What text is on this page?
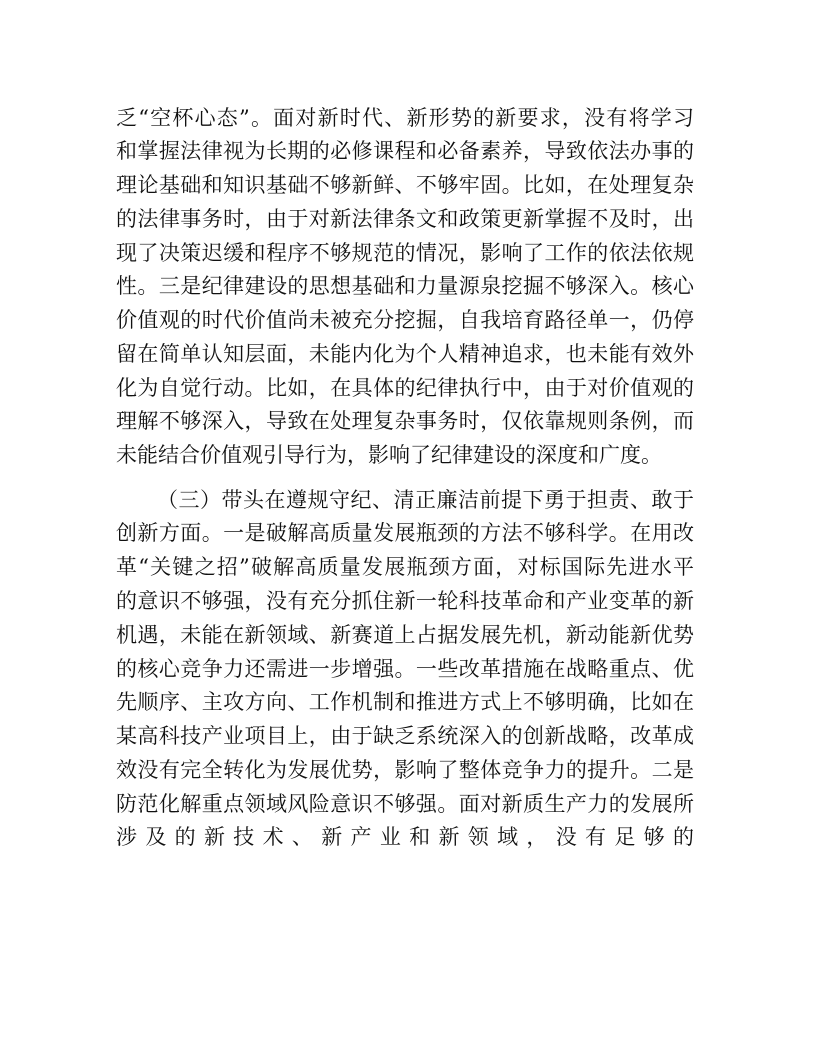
乏“空杯心态”。面对新时代、新形势的新要求，没有将学习
和掌握法律视为长期的必修课程和必备素养，导致依法办事的
理论基础和知识基础不够新鲜、不够牢固。比如，在处理复杂
的法律事务时，由于对新法律条文和政策更新掌握不及时，出
现了决策迟缓和程序不够规范的情况，影响了工作的依法依规
性。三是纪律建设的思想基础和力量源泉挖掘不够深入。核心
价值观的时代价值尚未被充分挖掘，自我培育路径单一，仍停
留在简单认知层面，未能内化为个人精神追求，也未能有效外
化为自觉行动。比如，在具体的纪律执行中，由于对价值观的
理解不够深入，导致在处理复杂事务时，仅依靠规则条例，而
未能结合价值观引导行为，影响了纪律建设的深度和广度。
（三）带头在遵规守纪、清正廉洁前提下勇于担责、敢于
创新方面。一是破解高质量发展瓶颈的方法不够科学。在用改
革“关键之招”破解高质量发展瓶颈方面，对标国际先进水平
的意识不够强，没有充分抓住新一轮科技革命和产业变革的新
机遇，未能在新领域、新赛道上占据发展先机，新动能新优势
的核心竞争力还需进一步增强。一些改革措施在战略重点、优
先顺序、主攻方向、工作机制和推进方式上不够明确，比如在
某高科技产业项目上，由于缺乏系统深入的创新战略，改革成
效没有完全转化为发展优势，影响了整体竞争力的提升。二是
防范化解重点领域风险意识不够强。面对新质生产力的发展所
涉及的新技术、新产业和新领域，没有足够的
